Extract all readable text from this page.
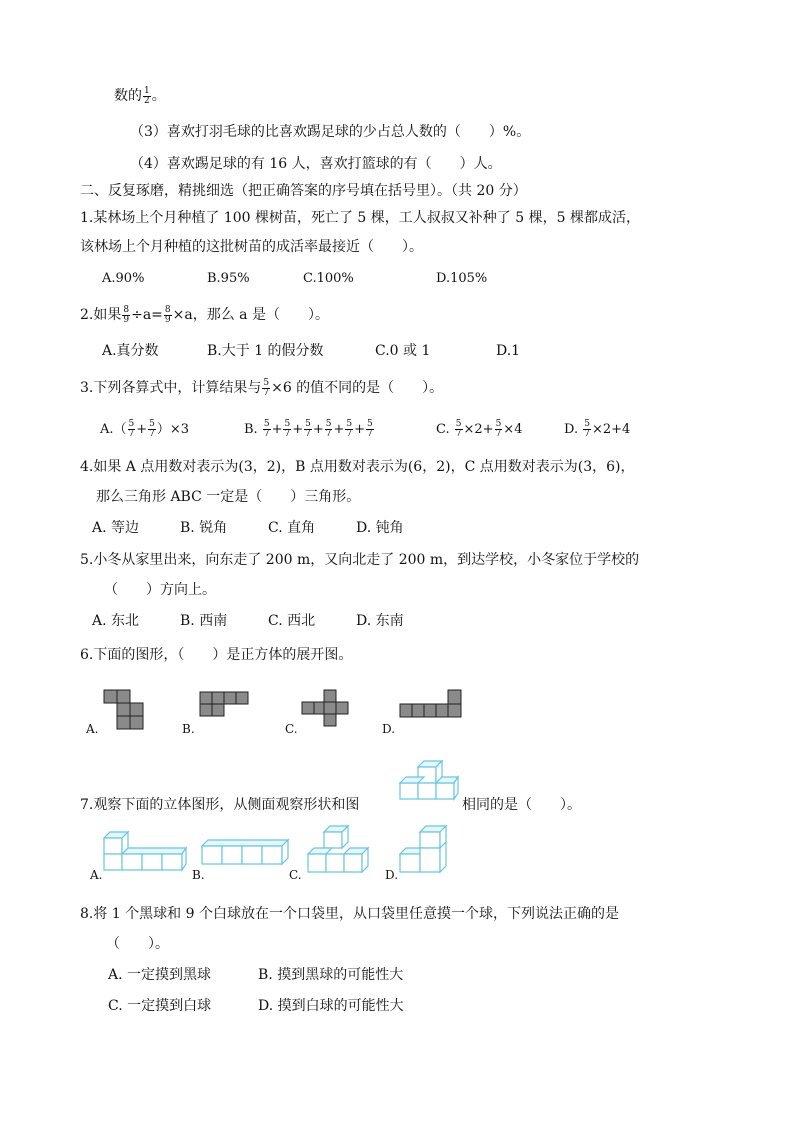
数的 $\frac{1}{2}$ 。
（3）喜欢打羽毛球的比喜欢踢足球的少占总人数的（　　）%。
（4）喜欢踢足球的有 16 人，喜欢打篮球的有（　　）人。
二、反复琢磨，精挑细选（把正确答案的序号填在括号里）。（共 20 分）
1.某林场上个月种植了 100 棵树苗，死亡了 5 棵，工人叔叔又补种了 5 棵，5 棵都成活，
该林场上个月种植的这批树苗的成活率最接近（　　）。
A.90%	B.95%	C.100%	D.105%
2.如果 $\frac{8}{9} \div a= \frac{8}{9} \times a$，那么 a 是（　　）。
A.真分数	B.大于 1 的假分数	C.0 或 1	D.1
3.下列各算式中，计算结果与 $\frac{5}{7} \times 6$ 的值不同的是（　　）。
$A.( \frac{5}{7} + \frac{5}{7} )\times 3$	B. $\frac{5}{7} + \frac{5}{7} + \frac{5}{7} + \frac{5}{7} + \frac{5}{7} + \frac{5}{7}$	C. $\frac{5}{7} \times 2+ \frac{5}{7} \times 4$	D. $\frac{5}{7} \times 2+4$
4.如果 A 点用数对表示为(3，2)，B 点用数对表示为(6，2)，C 点用数对表示为(3，6)，
那么三角形 ABC 一定是（　　）三角形。
A. 等边	B. 锐角	C. 直角	D. 钝角
5.小冬从家里出来，向东走了 200 m，又向北走了 200 m，到达学校，小冬家位于学校的
（　　）方向上。
A. 东北	B. 西南	C. 西北	D. 东南
6.下面的图形，（　　）是正方体的展开图。
A.	B.	C.	D.
7.观察下面的立体图形，从侧面观察形状和图	相同的是（　　）。
A.	B.	C.	D.
8.将 1 个黑球和 9 个白球放在一个口袋里，从口袋里任意摸一个球，下列说法正确的是
（　　）。
A. 一定摸到黑球	B. 摸到黑球的可能性大
C. 一定摸到白球	D. 摸到白球的可能性大
